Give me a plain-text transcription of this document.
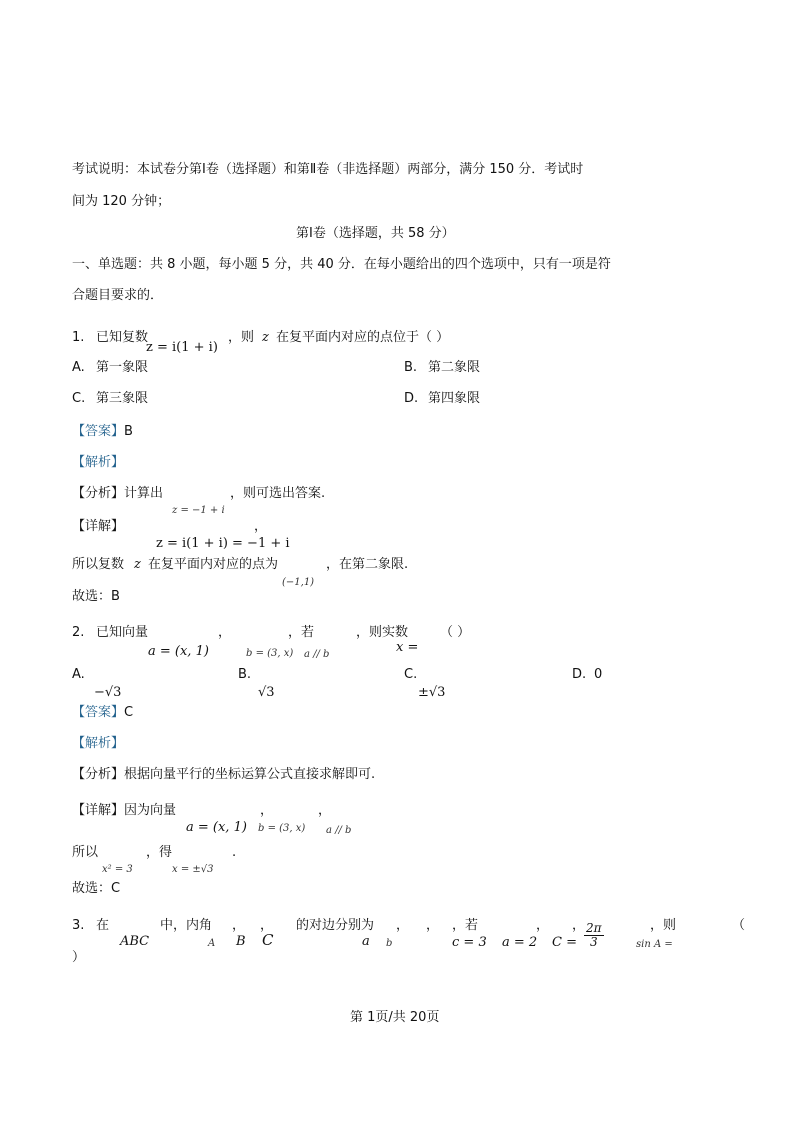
考试说明：本试卷分第Ⅰ卷（选择题）和第Ⅱ卷（非选择题）两部分，满分 150 分．考试时
间为 120 分钟；
第Ⅰ卷（选择题，共 58 分）
一、单选题：共 8 小题，每小题 5 分，共 40 分．在每小题给出的四个选项中，只有一项是符
合题目要求的．
1. 已知复数
z = i(1 + i)
，则 z 在复平面内对应的点位于（ ）
A. 第一象限	B. 第二象限
C. 第三象限	D. 第四象限
【答案】B
【解析】
【分析】计算出	，则可选出答案.
z = −1 + i
【详解】	，
z = i(1 + i) = −1 + i
所以复数 z 在复平面内对应的点为	，在第二象限.
(−1,1)
故选：B
2. 已知向量	，	，若	，则实数 （ ）
a = (x, 1)	b = (3, x) a // b	x =
A.
−√3
B.
√3
C.
±√3
D. 0
【答案】C
【解析】
【分析】根据向量平行的坐标运算公式直接求解即可.
【详解】因为向量	，	，
a = (x, 1) b = (3, x) a // b
所以	，得	.
x² = 3	x = ±√3
故选：C
3. 在	中，内角 ， ， 的对边分别为 ， ， ，若	， ，	，则	（
）
ABC	A B C	a b	c = 3 a = 2 $C = \frac{2\pi}{3}$	sin A =
第 1页/共 20页
